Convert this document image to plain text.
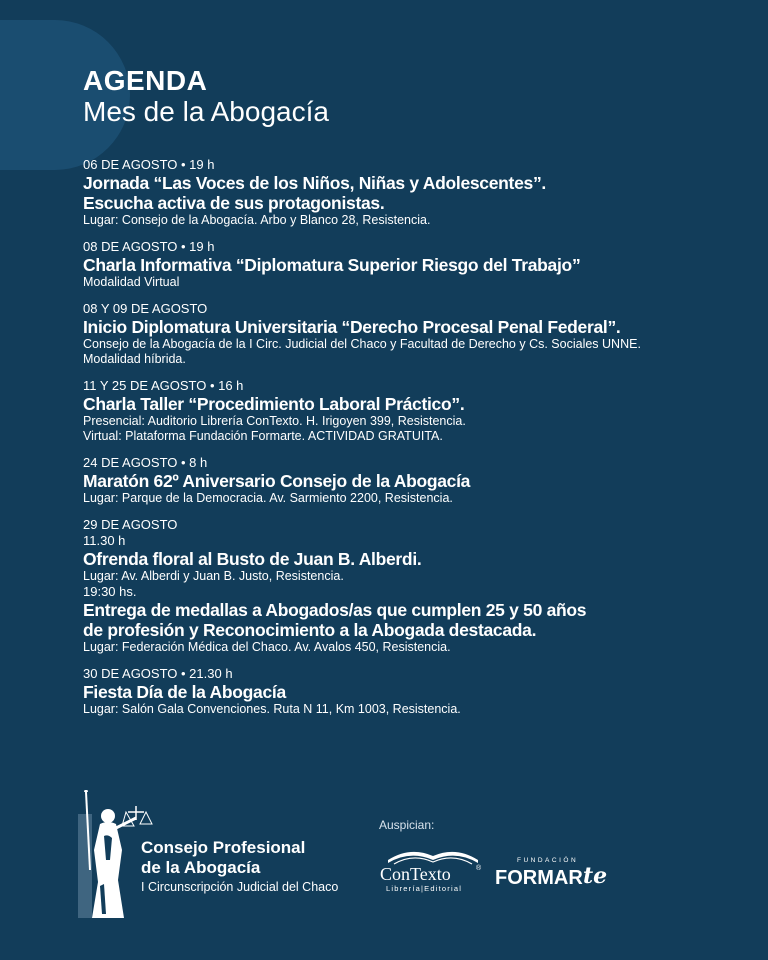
AGENDA
Mes de la Abogacía
06 DE AGOSTO • 19 h
Jornada “Las Voces de los Niños, Niñas y Adolescentes”.
Escucha activa de sus protagonistas.
Lugar: Consejo de la Abogacía. Arbo y Blanco 28, Resistencia.
08 DE AGOSTO • 19 h
Charla Informativa “Diplomatura Superior Riesgo del Trabajo”
Modalidad Virtual
08 Y 09 DE AGOSTO
Inicio Diplomatura Universitaria “Derecho Procesal Penal Federal”.
Consejo de la Abogacía de la I Circ. Judicial del Chaco y Facultad de Derecho y Cs. Sociales UNNE.
Modalidad híbrida.
11 Y 25 DE AGOSTO • 16 h
Charla Taller “Procedimiento Laboral Práctico”.
Presencial: Auditorio Librería ConTexto. H. Irigoyen 399, Resistencia.
Virtual: Plataforma Fundación Formarte. ACTIVIDAD GRATUITA.
24 DE AGOSTO • 8 h
Maratón 62º Aniversario Consejo de la Abogacía
Lugar: Parque de la Democracia. Av. Sarmiento 2200, Resistencia.
29 DE AGOSTO
11.30 h
Ofrenda floral al Busto de Juan B. Alberdi.
Lugar: Av. Alberdi y Juan B. Justo, Resistencia.
19:30 hs.
Entrega de medallas a Abogados/as que cumplen 25 y 50 años
de profesión y Reconocimiento a la Abogada destacada.
Lugar: Federación Médica del Chaco. Av. Avalos 450, Resistencia.
30 DE AGOSTO • 21.30 h
Fiesta Día de la Abogacía
Lugar: Salón Gala Convenciones. Ruta N 11, Km 1003, Resistencia.
Consejo Profesional
de la Abogacía
I Circunscripción Judicial del Chaco
Auspician:
ConTexto	®
Librería|Editorial
FUNDACIÓN
FORMAR te
